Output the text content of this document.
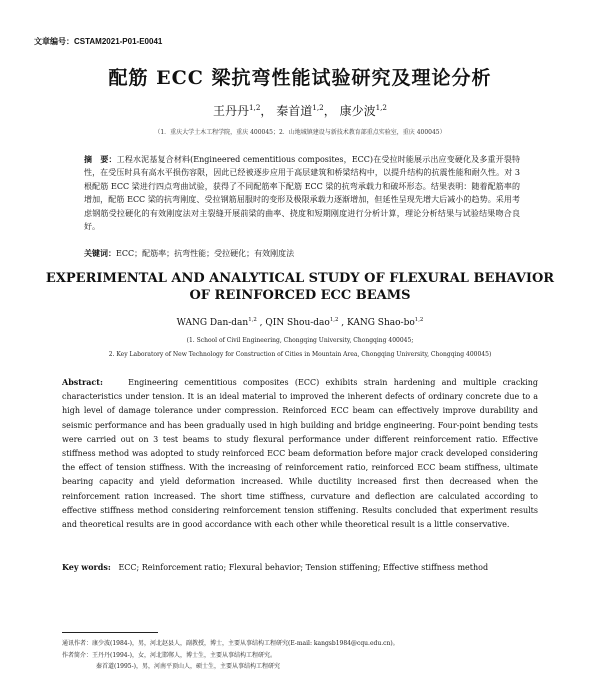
文章编号：CSTAM2021-P01-E0041
配筋 ECC 梁抗弯性能试验研究及理论分析
王丹丹$^{1,2}$， 秦首道$^{1,2}$， 康少波$^{1,2}$
（1．重庆大学土木工程学院，重庆 400045；2．山地城镇建设与新技术教育部重点实验室，重庆 400045）
摘　要：工程水泥基复合材料(Engineered cementitious composites，ECC)在受拉时能展示出应变硬化及多重开裂特性，在受压时具有高水平损伤容限，因此已经被逐步应用于高层建筑和桥梁结构中，以提升结构的抗震性能和耐久性。对 3 根配筋 ECC 梁进行四点弯曲试验，获得了不同配筋率下配筋 ECC 梁的抗弯承载力和破坏形态。结果表明：随着配筋率的增加，配筋 ECC 梁的抗弯刚度、受拉钢筋屈服时的变形及极限承载力逐渐增加，但延性呈现先增大后减小的趋势。采用考虑钢筋受拉硬化的有效刚度法对主裂缝开展前梁的曲率、挠度和短期刚度进行分析计算，理论分析结果与试验结果吻合良好。
关键词：ECC；配筋率；抗弯性能；受拉硬化；有效刚度法
EXPERIMENTAL AND ANALYTICAL STUDY OF FLEXURAL BEHAVIOR
OF REINFORCED ECC BEAMS
WANG Dan-dan$^{1,2}$ , QIN Shou-dao$^{1,2}$ , KANG Shao-bo$^{1,2}$
(1. School of Civil Engineering, Chongqing University, Chongqing 400045;
2. Key Laboratory of New Technology for Construction of Cities in Mountain Area, Chongqing University, Chongqing 400045)
Abstract:	Engineering cementitious composites (ECC) exhibits strain hardening and multiple cracking characteristics under tension. It is an ideal material to improved the inherent defects of ordinary concrete due to a high level of damage tolerance under compression. Reinforced ECC beam can effectively improve durability and seismic performance and has been gradually used in high building and bridge engineering. Four-point bending tests were carried out on 3 test beams to study flexural performance under different reinforcement ratio. Effective stiffness method was adopted to study reinforced ECC beam deformation before major crack developed considering the effect of tension stiffness. With the increasing of reinforcement ratio, reinforced ECC beam stiffness, ultimate bearing capacity and yield deformation increased. While ductility increased first then decreased when the reinforcement ration increased. The short time stiffness, curvature and deflection are calculated according to effective stiffness method considering reinforcement tension stiffening. Results concluded that experiment results and theoretical results are in good accordance with each other while theoretical result is a little conservative.
Key words: ECC; Reinforcement ratio; Flexural behavior; Tension stiffening; Effective stiffness method
通讯作者：康少波(1984-)，男，河北赵县人，副教授，博士，主要从事结构工程研究(E-mail: kangsb1984@cqu.edu.cn)。
作者简介：王丹丹(1994-)，女，河北邯郸人，博士生，主要从事结构工程研究。
秦首道(1995-)，男，河南平顶山人，硕士生，主要从事结构工程研究
